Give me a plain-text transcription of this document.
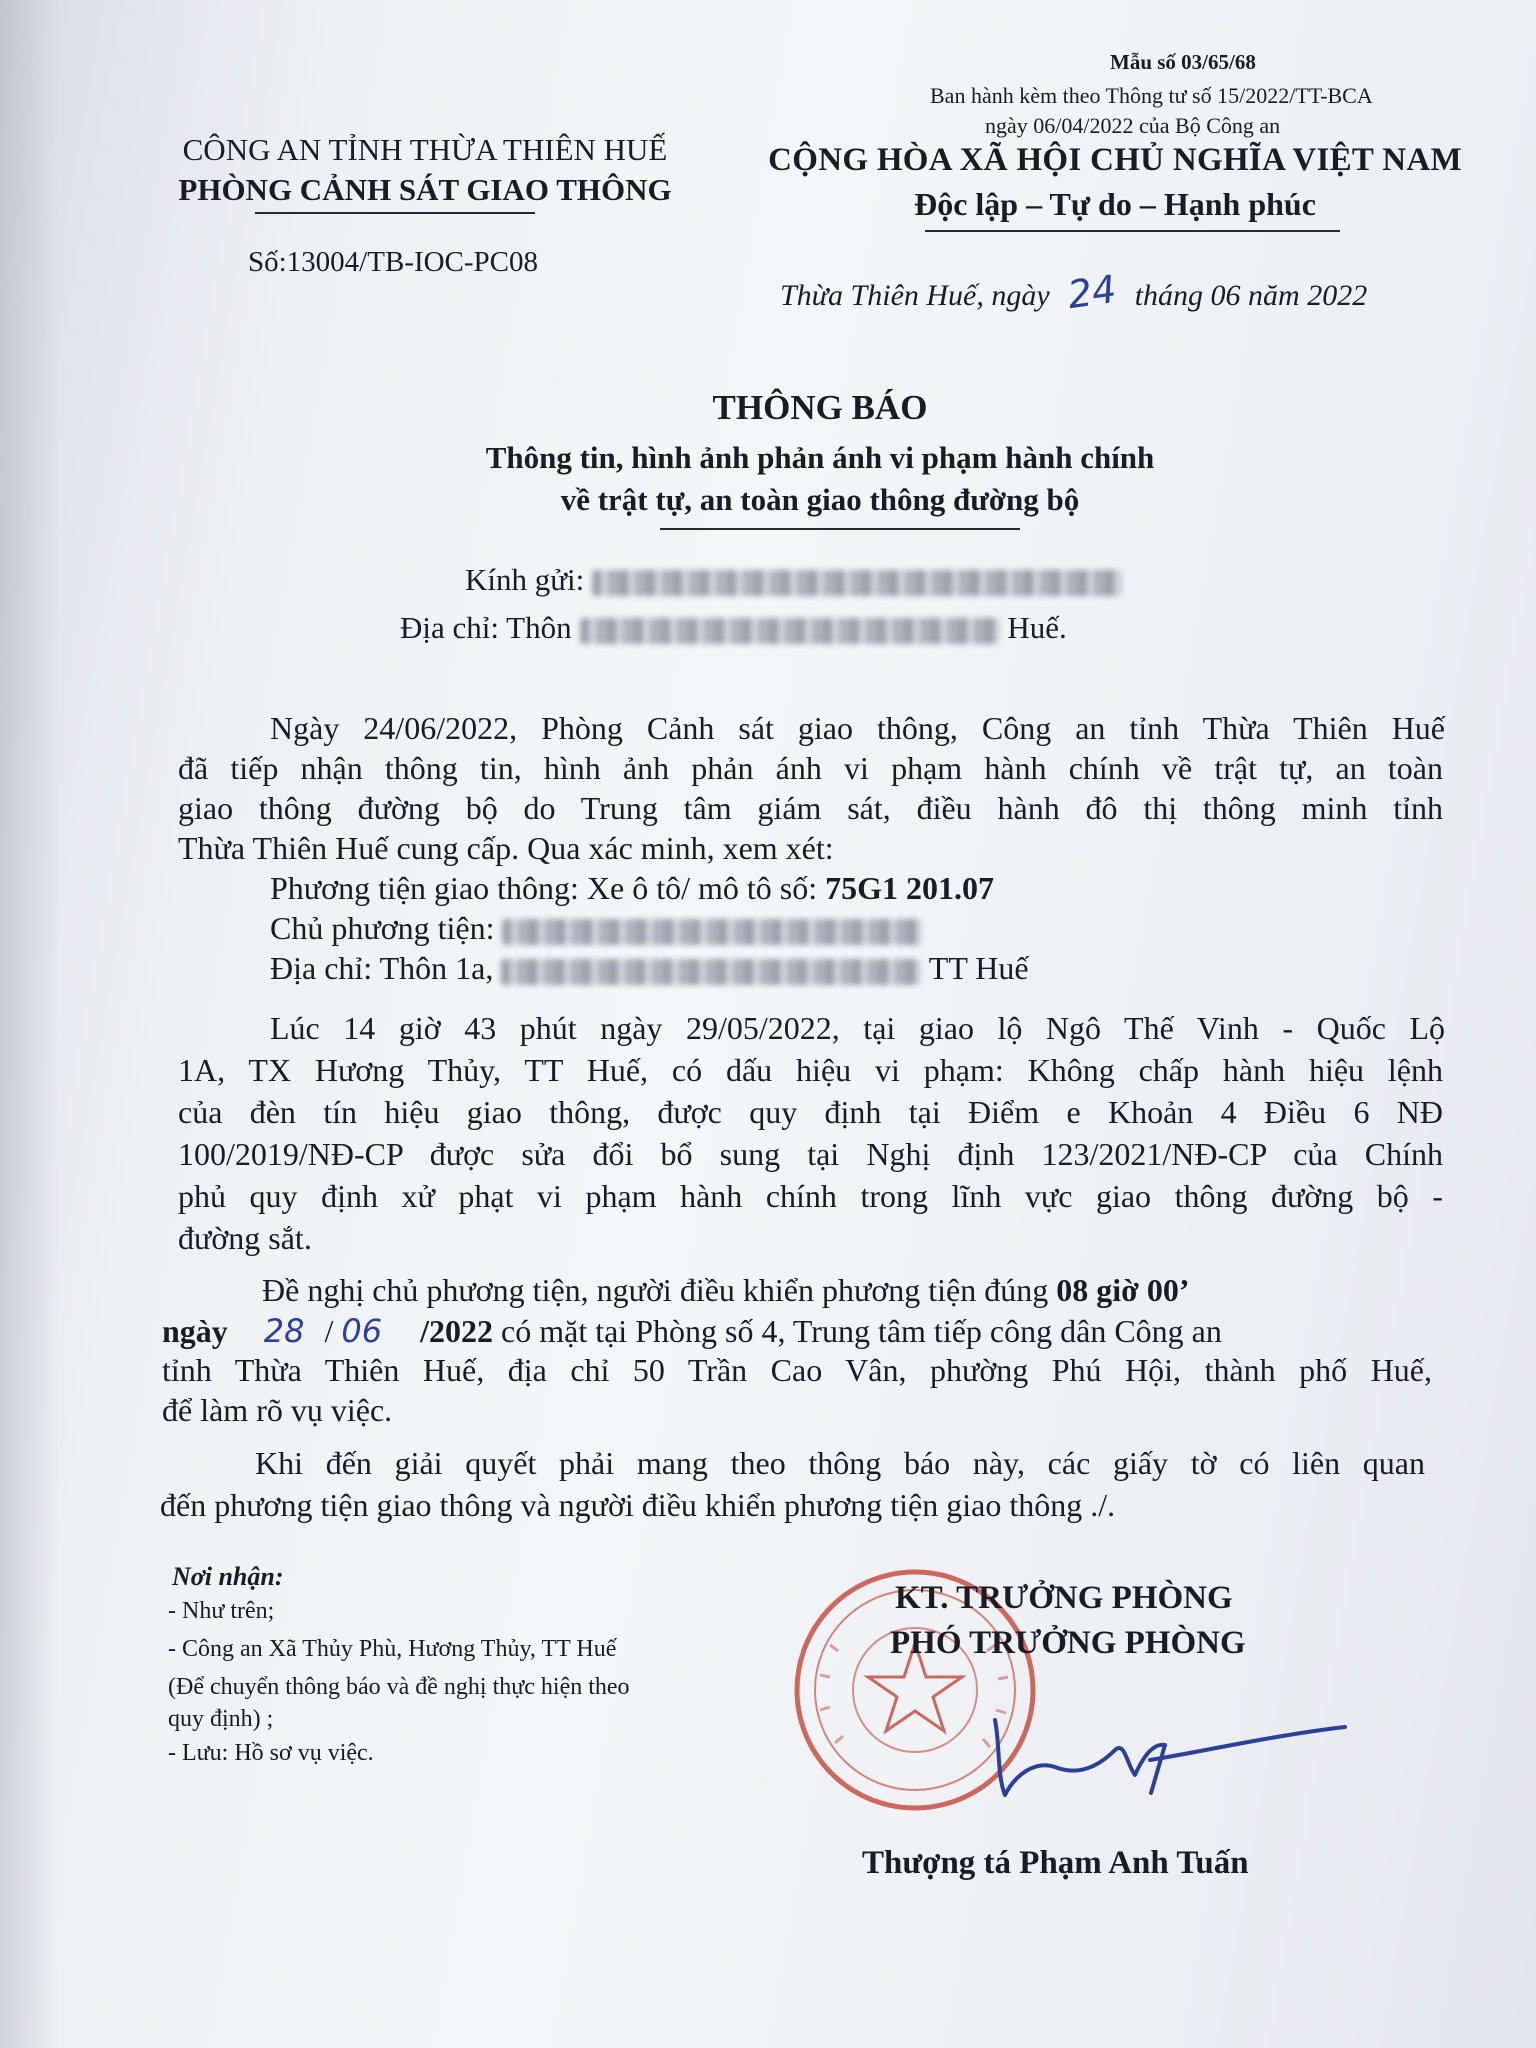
Mẫu số 03/65/68
Ban hành kèm theo Thông tư số 15/2022/TT-BCA
ngày 06/04/2022 của Bộ Công an
CÔNG AN TỈNH THỪA THIÊN HUẾ
PHÒNG CẢNH SÁT GIAO THÔNG
Số:13004/TB-IOC-PC08
CỘNG HÒA XÃ HỘI CHỦ NGHĨA VIỆT NAM
Độc lập – Tự do – Hạnh phúc
Thừa Thiên Huế, ngày 24 tháng 06 năm 2022
THÔNG BÁO
Thông tin, hình ảnh phản ánh vi phạm hành chính
về trật tự, an toàn giao thông đường bộ
Kính gửi:
Địa chỉ: Thôn	Huế.
Ngày 24/06/2022, Phòng Cảnh sát giao thông, Công an tỉnh Thừa Thiên Huế
đã tiếp nhận thông tin, hình ảnh phản ánh vi phạm hành chính về trật tự, an toàn
giao thông đường bộ do Trung tâm giám sát, điều hành đô thị thông minh tỉnh
Thừa Thiên Huế cung cấp. Qua xác minh, xem xét:
Phương tiện giao thông: Xe ô tô/ mô tô số: 75G1 201.07
Chủ phương tiện:
Địa chỉ: Thôn 1a,	TT Huế
Lúc 14 giờ 43 phút ngày 29/05/2022, tại giao lộ Ngô Thế Vinh - Quốc Lộ
1A, TX Hương Thủy, TT Huế, có dấu hiệu vi phạm: Không chấp hành hiệu lệnh
của đèn tín hiệu giao thông, được quy định tại Điểm e Khoản 4 Điều 6 NĐ
100/2019/NĐ-CP được sửa đổi bổ sung tại Nghị định 123/2021/NĐ-CP của Chính
phủ quy định xử phạt vi phạm hành chính trong lĩnh vực giao thông đường bộ -
đường sắt.
Đề nghị chủ phương tiện, người điều khiển phương tiện đúng 08 giờ 00’
ngày 28 / 06 /2022 có mặt tại Phòng số 4, Trung tâm tiếp công dân Công an
tỉnh Thừa Thiên Huế, địa chỉ 50 Trần Cao Vân, phường Phú Hội, thành phố Huế,
để làm rõ vụ việc.
Khi đến giải quyết phải mang theo thông báo này, các giấy tờ có liên quan
đến phương tiện giao thông và người điều khiển phương tiện giao thông ./.
Nơi nhận:
- Như trên;
- Công an Xã Thủy Phù, Hương Thủy, TT Huế
(Để chuyển thông báo và đề nghị thực hiện theo
quy định) ;
- Lưu: Hồ sơ vụ việc.
KT. TRƯỞNG PHÒNG
PHÓ TRƯỞNG PHÒNG
Thượng tá Phạm Anh Tuấn
